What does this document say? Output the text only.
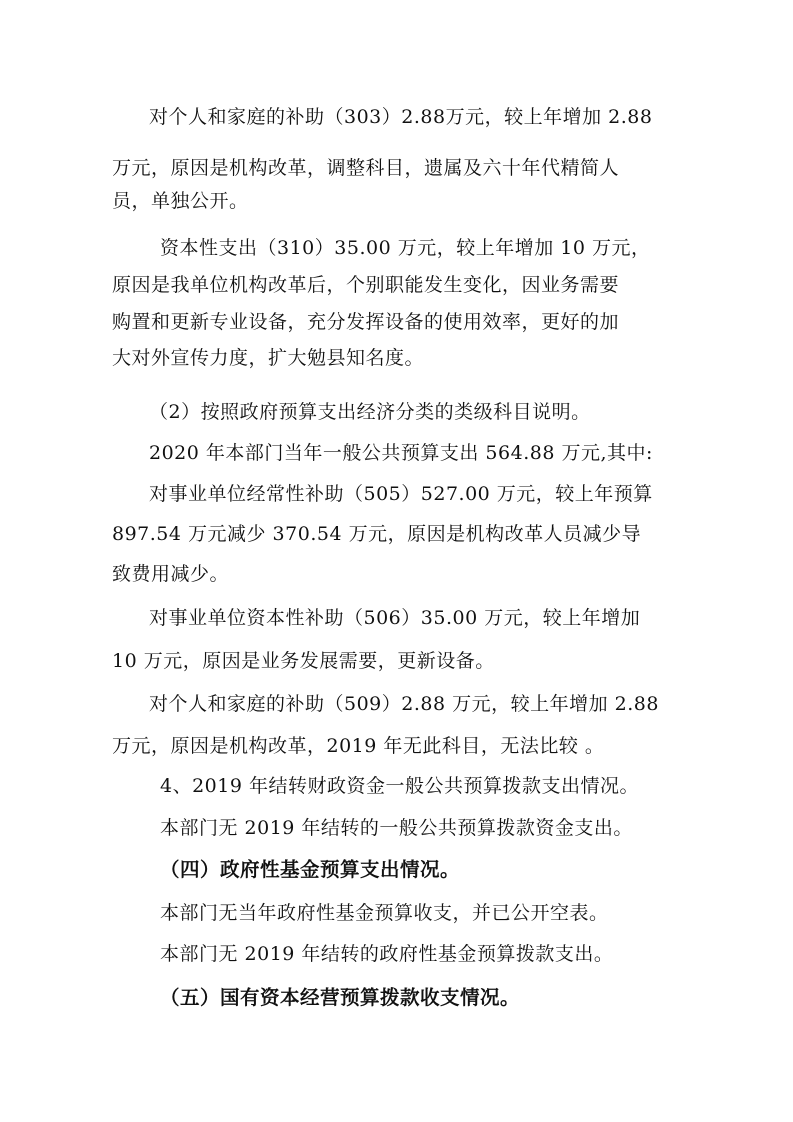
对个人和家庭的补助（303）2.88万元，较上年增加 2.88
万元，原因是机构改革，调整科目，遗属及六十年代精简人
员，单独公开。
资本性支出（310）35.00 万元，较上年增加 10 万元，
原因是我单位机构改革后，个别职能发生变化，因业务需要
购置和更新专业设备，充分发挥设备的使用效率，更好的加
大对外宣传力度，扩大勉县知名度。
（2）按照政府预算支出经济分类的类级科目说明。
2020 年本部门当年一般公共预算支出 564.88 万元,其中:
对事业单位经常性补助（505）527.00 万元，较上年预算
897.54 万元减少 370.54 万元，原因是机构改革人员减少导
致费用减少。
对事业单位资本性补助（506）35.00 万元，较上年增加
10 万元，原因是业务发展需要，更新设备。
对个人和家庭的补助（509）2.88 万元，较上年增加 2.88
万元，原因是机构改革，2019 年无此科目，无法比较 。
4、2019 年结转财政资金一般公共预算拨款支出情况。
本部门无 2019 年结转的一般公共预算拨款资金支出。
（四）政府性基金预算支出情况。
本部门无当年政府性基金预算收支，并已公开空表。
本部门无 2019 年结转的政府性基金预算拨款支出。
（五）国有资本经营预算拨款收支情况。
